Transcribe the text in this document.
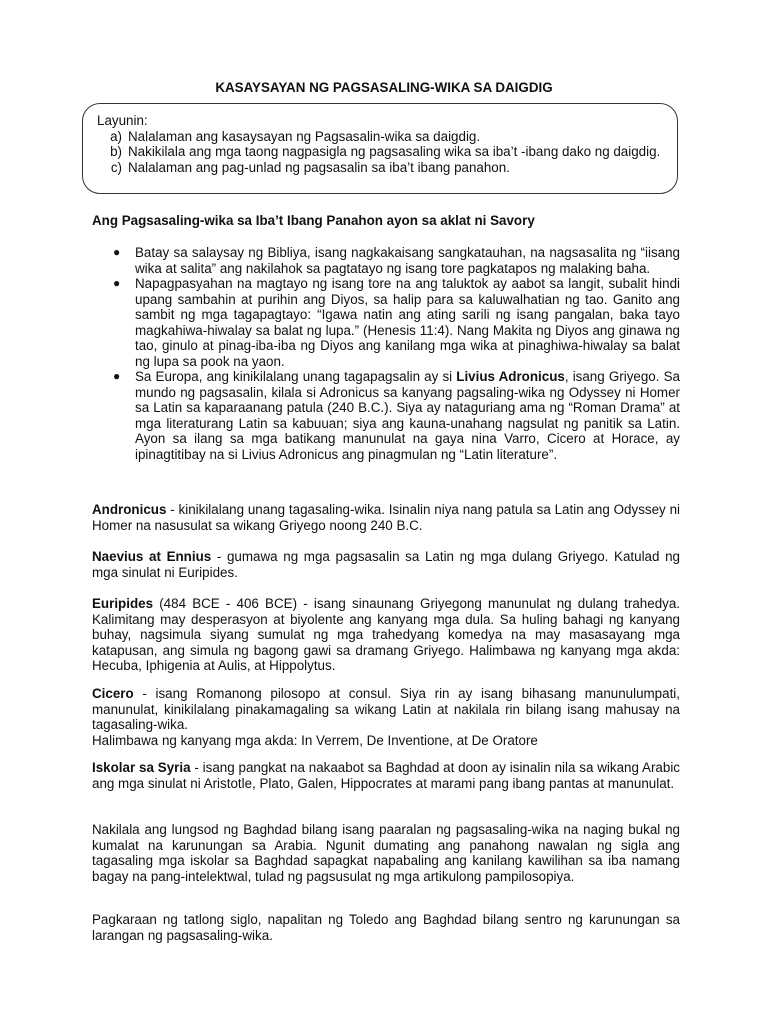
KASAYSAYAN NG PAGSASALING-WIKA SA DAIGDIG
Layunin:
a) Nalalaman ang kasaysayan ng Pagsasalin-wika sa daigdig.
b) Nakikilala ang mga taong nagpasigla ng pagsasaling wika sa iba’t -ibang dako ng daigdig.
c) Nalalaman ang pag-unlad ng pagsasalin sa iba’t ibang panahon.
Ang Pagsasaling-wika sa Iba’t Ibang Panahon ayon sa aklat ni Savory
● Batay sa salaysay ng Bibliya, isang nagkakaisang sangkatauhan, na nagsasalita ng “iisang wika at salita” ang nakilahok sa pagtatayo ng isang tore pagkatapos ng malaking baha.
● Napagpasyahan na magtayo ng isang tore na ang taluktok ay aabot sa langit, subalit hindi upang sambahin at purihin ang Diyos, sa halip para sa kaluwalhatian ng tao. Ganito ang sambit ng mga tagapagtayo: “Igawa natin ang ating sarili ng isang pangalan, baka tayo magkahiwa-hiwalay sa balat ng lupa.” (Henesis 11:4). Nang Makita ng Diyos ang ginawa ng tao, ginulo at pinag-iba-iba ng Diyos ang kanilang mga wika at pinaghiwa-hiwalay sa balat ng lupa sa pook na yaon.
● Sa Europa, ang kinikilalang unang tagapagsalin ay si Livius Adronicus, isang Griyego. Sa mundo ng pagsasalin, kilala si Adronicus sa kanyang pagsaling-wika ng Odyssey ni Homer sa Latin sa kaparaanang patula (240 B.C.). Siya ay nataguriang ama ng “Roman Drama” at mga literaturang Latin sa kabuuan; siya ang kauna-unahang nagsulat ng panitik sa Latin. Ayon sa ilang sa mga batikang manunulat na gaya nina Varro, Cicero at Horace, ay ipinagtitibay na si Livius Adronicus ang pinagmulan ng “Latin literature”.

Andronicus - kinikilalang unang tagasaling-wika. Isinalin niya nang patula sa Latin ang Odyssey ni Homer na nasusulat sa wikang Griyego noong 240 B.C.

Naevius at Ennius - gumawa ng mga pagsasalin sa Latin ng mga dulang Griyego. Katulad ng mga sinulat ni Euripides.

Euripides (484 BCE - 406 BCE) - isang sinaunang Griyegong manunulat ng dulang trahedya. Kalimitang may desperasyon at biyolente ang kanyang mga dula. Sa huling bahagi ng kanyang buhay, nagsimula siyang sumulat ng mga trahedyang komedya na may masasayang mga katapusan, ang simula ng bagong gawi sa dramang Griyego. Halimbawa ng kanyang mga akda: Hecuba, Iphigenia at Aulis, at Hippolytus.

Cicero - isang Romanong pilosopo at consul. Siya rin ay isang bihasang manunulumpati, manunulat, kinikilalang pinakamagaling sa wikang Latin at nakilala rin bilang isang mahusay na tagasaling-wika.
Halimbawa ng kanyang mga akda: In Verrem, De Inventione, at De Oratore

Iskolar sa Syria - isang pangkat na nakaabot sa Baghdad at doon ay isinalin nila sa wikang Arabic ang mga sinulat ni Aristotle, Plato, Galen, Hippocrates at marami pang ibang pantas at manunulat.

Nakilala ang lungsod ng Baghdad bilang isang paaralan ng pagsasaling-wika na naging bukal ng kumalat na karunungan sa Arabia. Ngunit dumating ang panahong nawalan ng sigla ang tagasaling mga iskolar sa Baghdad sapagkat napabaling ang kanilang kawilihan sa iba namang bagay na pang-intelektwal, tulad ng pagsusulat ng mga artikulong pampilosopiya.

Pagkaraan ng tatlong siglo, napalitan ng Toledo ang Baghdad bilang sentro ng karunungan sa larangan ng pagsasaling-wika.
